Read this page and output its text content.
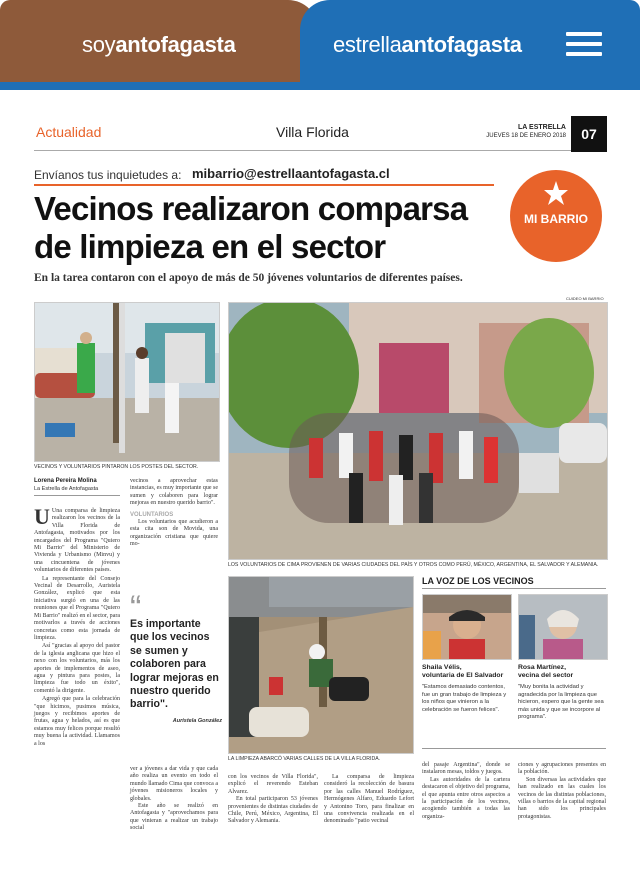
soyantofagasta	estrellaantofagasta
Actualidad	Villa Florida	LA ESTRELLA
JUEVES 18 DE ENERO 2018	07
Envíanos tus inquietudes a: mibarrio@estrellaantofagasta.cl
MI BARRIO
Vecinos realizaron comparsa
de limpieza en el sector
En la tarea contaron con el apoyo de más de 50 jóvenes voluntarios de diferentes países.
CUIDEO MI BARRIO
VECINOS Y VOLUNTARIOS PINTARON LOS POSTES DEL SECTOR.
LOS VOLUNTARIOS DE CIMA PROVIENEN DE VARIAS CIUDADES DEL PAÍS Y OTROS COMO PERÚ, MÉXICO, ARGENTINA, EL SALVADOR Y ALEMANIA.
Lorena Pereira Molina
La Estrella de Antofagasta
U Una comparsa de limpieza realizaron los vecinos de la Villa Florida de Antofagasta, motivados por los encargados del Programa "Quiero Mi Barrio" del Ministerio de Vivienda y Urbanismo (Minvu) y una cincuentena de jóvenes voluntarios de diferentes países.
La representante del Consejo Vecinal de Desarrollo, Auristela González, explicó que esta iniciativa surgió en una de las reuniones que el Programa "Quiero Mi Barrio" realizó en el sector, para motivarlos a través de acciones concretas como esta jornada de limpieza.
Así "gracias al apoyo del pastor de la iglesia anglicana que hizo el nexo con los voluntarios, más los aportes de implementos de aseo, agua y pintura para postes, la limpieza fue todo un éxito", comentó la dirigente.
Agregó que para la celebración "que hicimos, pusimos música, juegos y recibimos aportes de frutas, agua y helados, así es que estamos muy felices porque resultó muy buena la actividad. Llamamos a los
vecinos a aprovechar estas instancias, es muy importante que se sumen y colaboren para lograr mejoras en nuestro querido barrio".
VOLUNTARIOS
Los voluntarios que acudieron a esta cita son de Movida, una organización cristiana que quiere mo-
“
Es importante que los vecinos se sumen y colaboren para lograr mejoras en nuestro querido barrio".
Auristela González
ver a jóvenes a dar vida y que cada año realiza un evento en todo el mundo llamado Cima que convoca a jóvenes misioneros locales y globales.
Este año se realizó en Antofagasta y "aprovechamos para que vinieran a realizar un trabajo social
LA LIMPIEZA ABARCÓ VARIAS CALLES DE LA VILLA FLORIDA.
LA VOZ DE LOS VECINOS
Shaila Vélis,
voluntaria de El Salvador
"Estamos demasiado contentos, fue un gran trabajo de limpieza y los niños que vinieron a la celebración se fueron felices".
Rosa Martínez,
vecina del sector
"Muy bonita la actividad y agradecida por la limpieza que hicieron, espero que la gente sea más unida y que se incorpore al programa".
con los vecinos de Villa Florida", explicó el reverendo Esteban Alvarez.
En total participaron 53 jóvenes provenientes de distintas ciudades de Chile, Perú, México, Argentina, El Salvador y Alemania.
La comparsa de limpieza consideró la recolección de basura por las calles Manuel Rodríguez, Hermógenes Alfaro, Eduardo Lefort y Antonino Toro, para finalizar en una convivencia realizada en el denominado "patio vecinal
del pasaje Argentina", donde se instalaron mesas, toldos y juegos.
Las autoridades de la cartera destacaron el objetivo del programa, el que apunta entre otros aspectos a la participación de los vecinos, acogiendo también a todas las organiza-
ciones y agrupaciones presentes en la población.
Son diversas las actividades que han realizado en las cuales los vecinos de las distintas poblaciones, villas o barrios de la capital regional han sido los principales protagonistas.
